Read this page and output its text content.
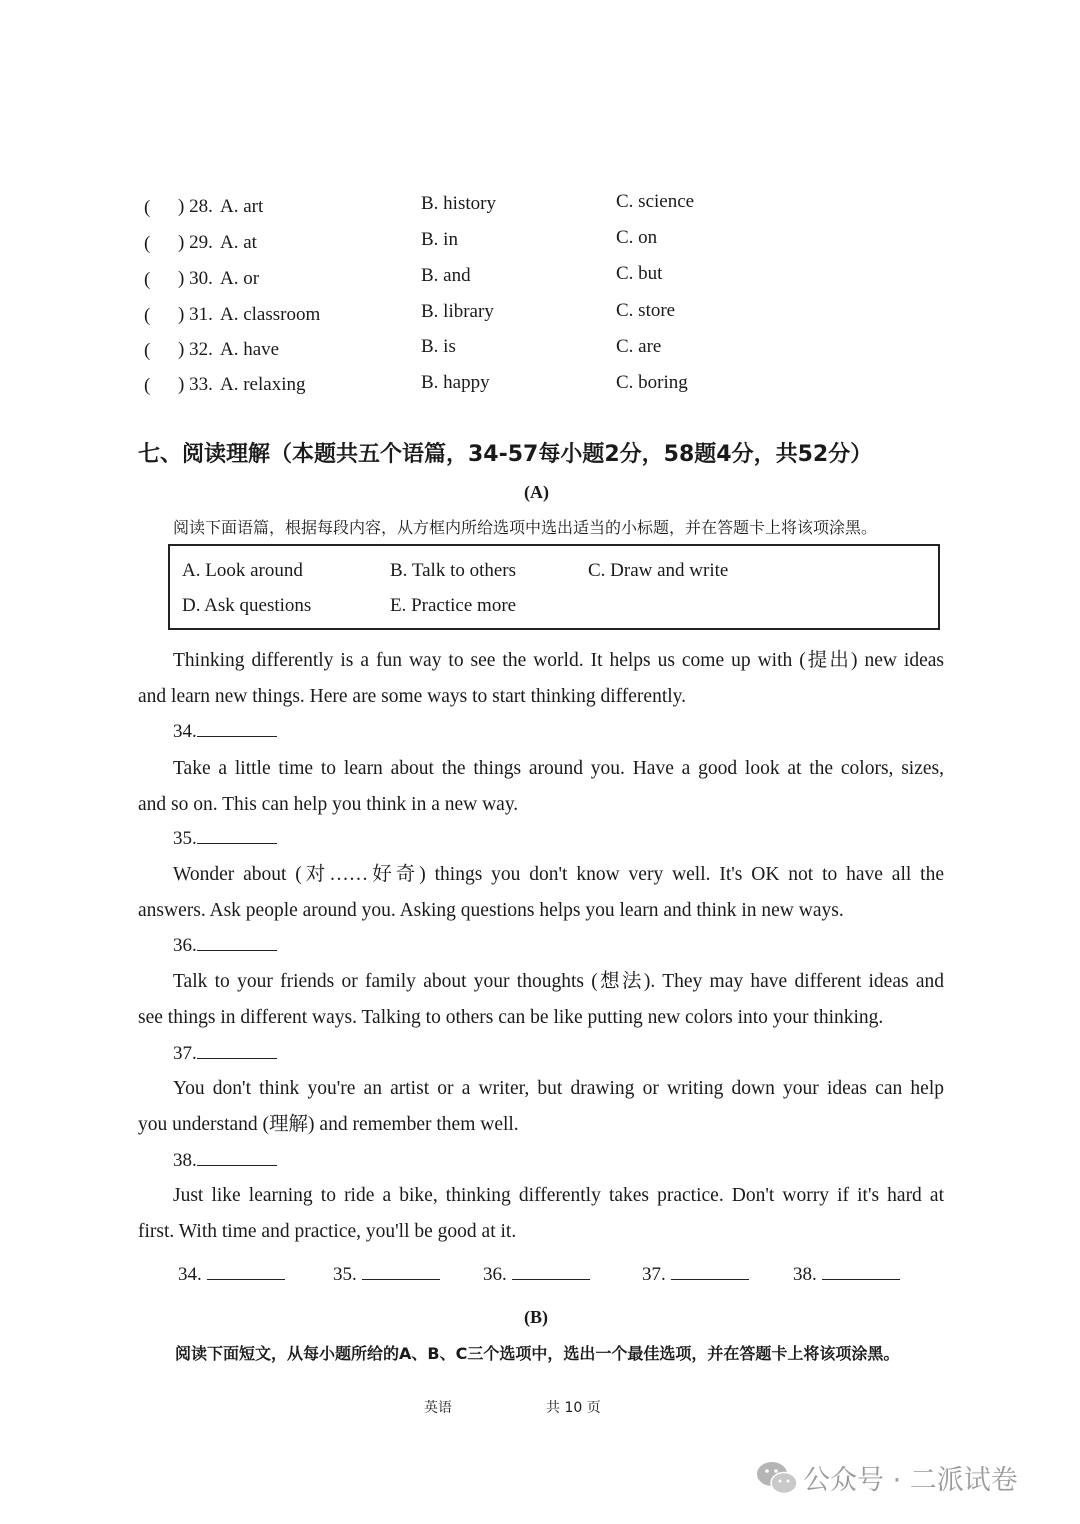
( ) 28. A. art	B. history	C. science
( ) 29. A. at	B. in	C. on
( ) 30. A. or	B. and	C. but
( ) 31. A. classroom	B. library	C. store
( ) 32. A. have	B. is	C. are
( ) 33. A. relaxing	B. happy	C. boring
七、阅读理解（本题共五个语篇，34-57每小题2分，58题4分，共52分）
(A)
阅读下面语篇，根据每段内容，从方框内所给选项中选出适当的小标题，并在答题卡上将该项涂黑。
A. Look around	B. Talk to others	C. Draw and write
D. Ask questions	E. Practice more
Thinking differently is a fun way to see the world. It helps us come up with (提出) new ideas
and learn new things. Here are some ways to start thinking differently.
34.
Take a little time to learn about the things around you. Have a good look at the colors, sizes,
and so on. This can help you think in a new way.
35.
Wonder about (对……好奇) things you don't know very well. It's OK not to have all the
answers. Ask people around you. Asking questions helps you learn and think in new ways.
36.
Talk to your friends or family about your thoughts (想法). They may have different ideas and
see things in different ways. Talking to others can be like putting new colors into your thinking.
37.
You don't think you're an artist or a writer, but drawing or writing down your ideas can help
you understand (理解) and remember them well.
38.
Just like learning to ride a bike, thinking differently takes practice. Don't worry if it's hard at
first. With time and practice, you'll be good at it.
34.	35.	36.	37.	38.
(B)
阅读下面短文，从每小题所给的A、B、C三个选项中，选出一个最佳选项，并在答题卡上将该项涂黑。
英语	共 10 页
公众号 · 二派试卷
